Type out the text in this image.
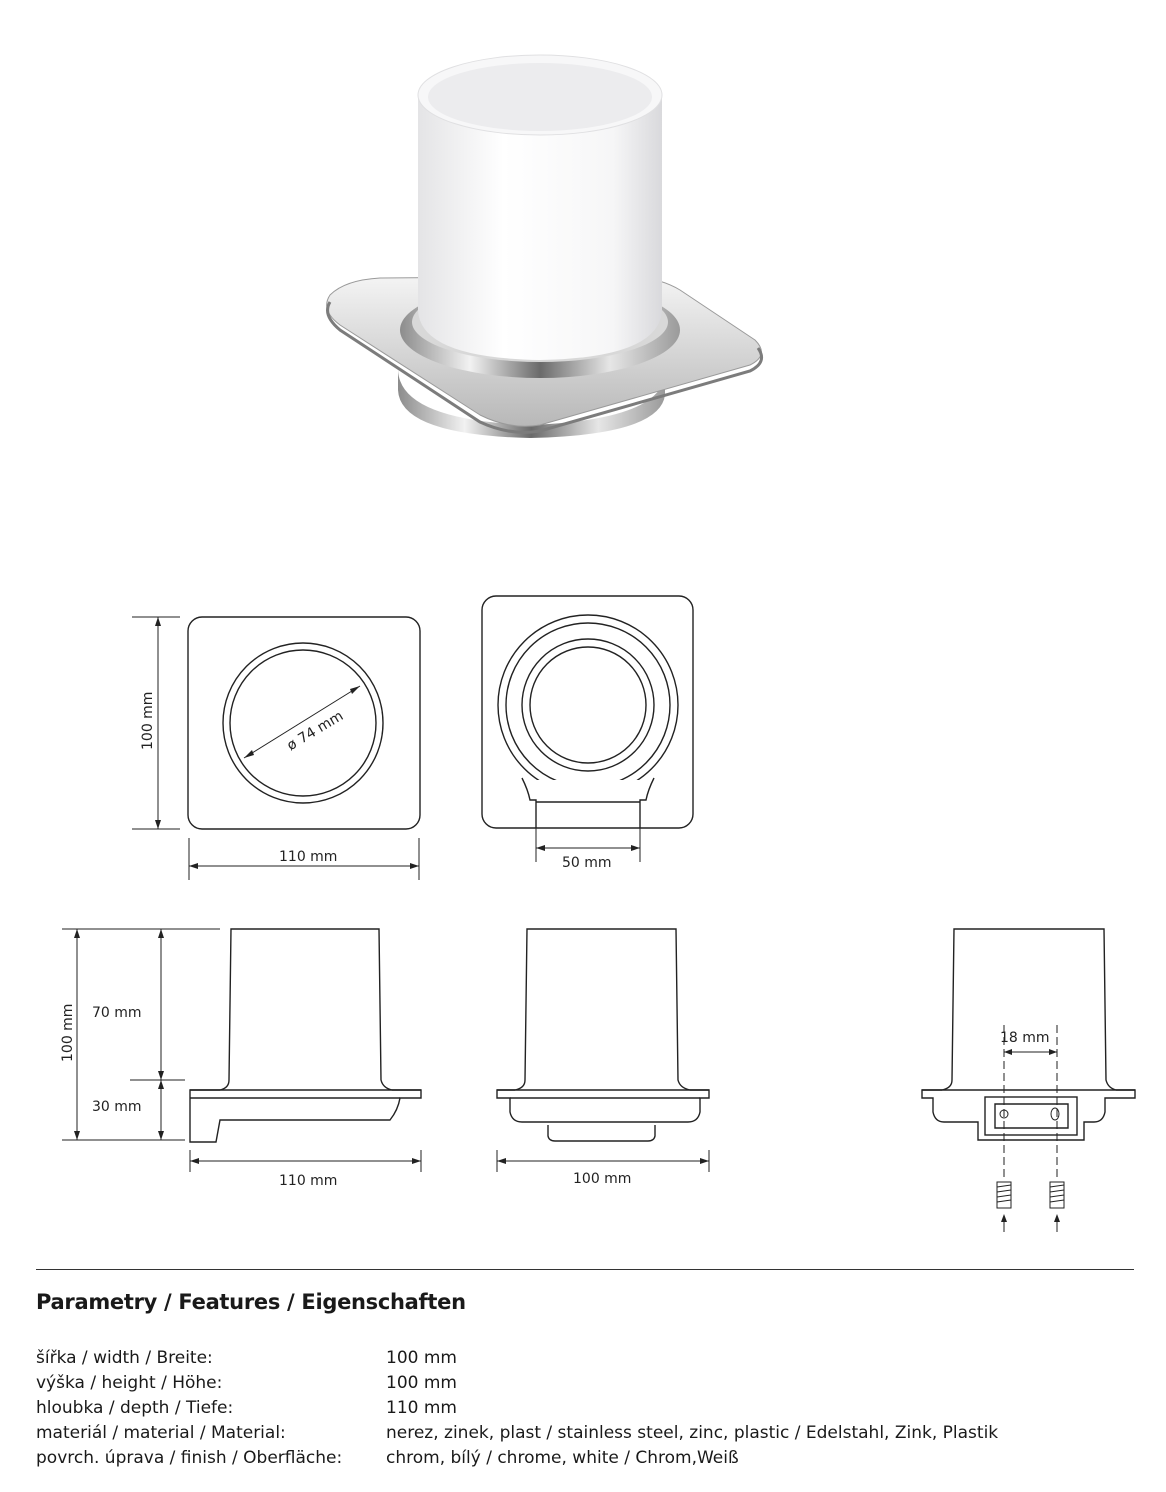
ø 74 mm
100 mm
110 mm	50 mm
100 mm 70 mm
30 mm
110 mm	100 mm
18 mm
Parametry / Features / Eigenschaften
šířka / width / Breite:	100 mm
výška / height / Höhe:	100 mm
hloubka / depth / Tiefe:	110 mm
materiál / material / Material:	nerez, zinek, plast / stainless steel, zinc, plastic / Edelstahl, Zink, Plastik
povrch. úprava / finish / Oberfläche:	chrom, bílý / chrome, white / Chrom,Weiß
